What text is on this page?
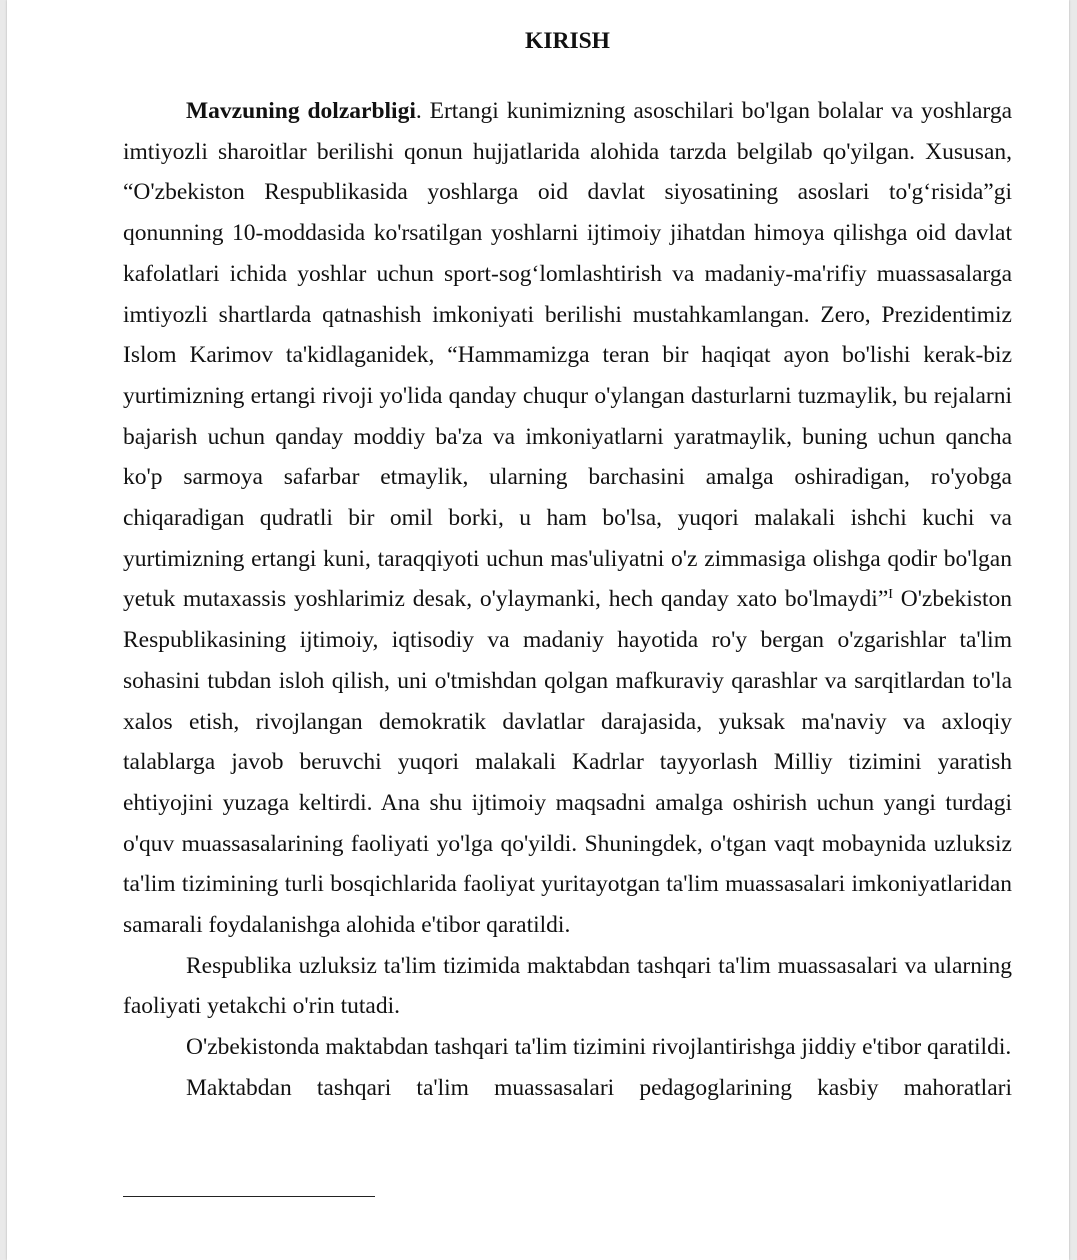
KIRISH

Mavzuning dolzarbligi. Ertangi kunimizning asoschilari bo'lgan bolalar va yoshlarga imtiyozli sharoitlar berilishi qonun hujjatlarida alohida tarzda belgilab qo'yilgan. Xususan, “O'zbekiston Respublikasida yoshlarga oid davlat siyosatining asoslari to'g‘risida”gi qonunning 10-moddasida ko'rsatilgan yoshlarni ijtimoiy jihatdan himoya qilishga oid davlat kafolatlari ichida yoshlar uchun sport-sog‘lomlashtirish va madaniy-ma'rifiy muassasalarga imtiyozli shartlarda qatnashish imkoniyati berilishi mustahkamlangan. Zero, Prezidentimiz Islom Karimov ta'kidlaganidek, “Hammamizga teran bir haqiqat ayon bo'lishi kerak-biz yurtimizning ertangi rivoji yo'lida qanday chuqur o'ylangan dasturlarni tuzmaylik, bu rejalarni bajarish uchun qanday moddiy ba'za va imkoniyatlarni yaratmaylik, buning uchun qancha ko'p sarmoya safarbar etmaylik, ularning barchasini amalga oshiradigan, ro'yobga chiqaradigan qudratli bir omil borki, u ham bo'lsa, yuqori malakali ishchi kuchi va yurtimizning ertangi kuni, taraqqiyoti uchun mas'uliyatni o'z zimmasiga olishga qodir bo'lgan yetuk mutaxassis yoshlarimiz desak, o'ylaymanki, hech qanday xato bo'lmaydi”$^I$ O'zbekiston Respublikasining ijtimoiy, iqtisodiy va madaniy hayotida ro'y bergan o'zgarishlar ta'lim sohasini tubdan isloh qilish, uni o'tmishdan qolgan mafkuraviy qarashlar va sarqitlardan to'la xalos etish, rivojlangan demokratik davlatlar darajasida, yuksak ma'naviy va axloqiy talablarga javob beruvchi yuqori malakali Kadrlar tayyorlash Milliy tizimini yaratish ehtiyojini yuzaga keltirdi. Ana shu ijtimoiy maqsadni amalga oshirish uchun yangi turdagi o'quv muassasalarining faoliyati yo'lga qo'yildi. Shuningdek, o'tgan vaqt mobaynida uzluksiz ta'lim tizimining turli bosqichlarida faoliyat yuritayotgan ta'lim muassasalari imkoniyatlaridan samarali foydalanishga alohida e'tibor qaratildi.

Respublika uzluksiz ta'lim tizimida maktabdan tashqari ta'lim muassasalari va ularning faoliyati yetakchi o'rin tutadi.

O'zbekistonda maktabdan tashqari ta'lim tizimini rivojlantirishga jiddiy e'tibor qaratildi.

Maktabdan tashqari ta'lim muassasalari pedagoglarining kasbiy mahoratlari
